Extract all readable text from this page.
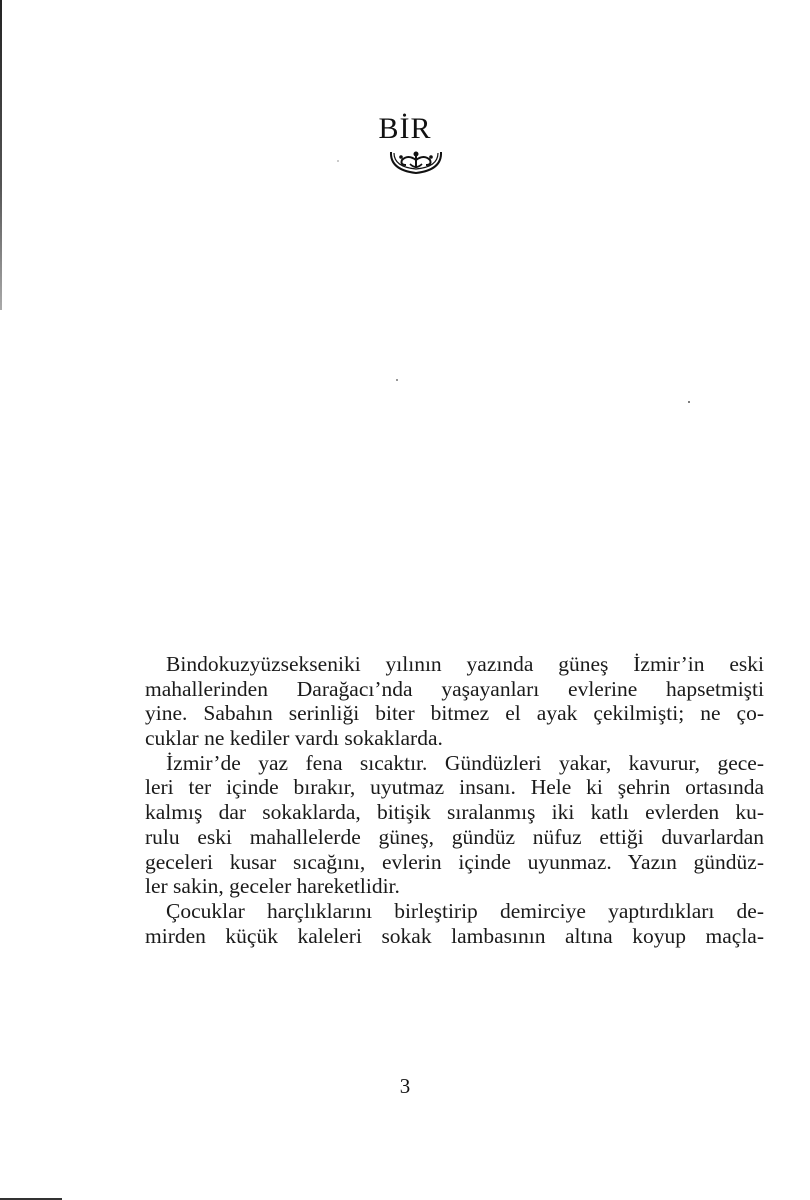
BİR
Bindokuzyüzsekseniki yılının yazında güneş İzmir’in eski
mahallerinden Darağacı’nda yaşayanları evlerine hapsetmişti
yine. Sabahın serinliği biter bitmez el ayak çekilmişti; ne ço-
cuklar ne kediler vardı sokaklarda.
İzmir’de yaz fena sıcaktır. Gündüzleri yakar, kavurur, gece-
leri ter içinde bırakır, uyutmaz insanı. Hele ki şehrin ortasında
kalmış dar sokaklarda, bitişik sıralanmış iki katlı evlerden ku-
rulu eski mahallelerde güneş, gündüz nüfuz ettiği duvarlardan
geceleri kusar sıcağını, evlerin içinde uyunmaz. Yazın gündüz-
ler sakin, geceler hareketlidir.
Çocuklar harçlıklarını birleştirip demirciye yaptırdıkları de-
mirden küçük kaleleri sokak lambasının altına koyup maçla-
3
